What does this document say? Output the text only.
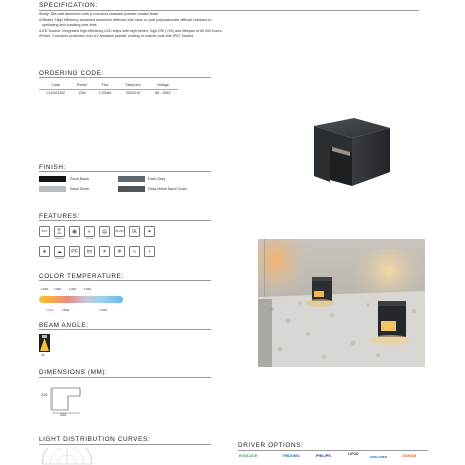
SPECIFICATION:
• Body: Die-cast aluminum with a corrosion-resistant powder-coated finish.
• Diffuser: High efficiency anodized aluminum reflector with clear or opal polycarbonate diffuser resistant to
• yellowing and cracking over time.
• LED Source: Integrated high-efficiency LED chips with high lumen, high CRI (>90) and lifespan of 50,000 hours.
• Finish: Corrosion protection and UV-resistant powder coating or marine coat with IP67 Sealed.
ORDERING CODE:
Code	Power	Flux	Size(mm)	Voltage
CLAYA12W	12W	1,200lm	200X210	85 - 265V
FINISH:
Sand Black	Dark Grey
Sand Silver	Gray Metal Sand Grain
FEATURES:
IP67	⌛
50000 hrs
▣	◐
CRI>90
▤	85-265	IK	✦
★	☁
120lm/W
PF	lm	☀	❄	∿	⚡
COLOR TEMPERATURE:
2,200k 3,000k	4,000k	5,000k
2,700k	3,500k	6,000k
BEAM ANGLE:
18°
DIMENSIONS (MM):
210
200
LIGHT DISTRIBUTION CURVES:
DRIVER OPTIONS:
EVOLUCE	TRIDONIC	PHILIPS	LIFUD
SUNLUMEN	OSRAM
